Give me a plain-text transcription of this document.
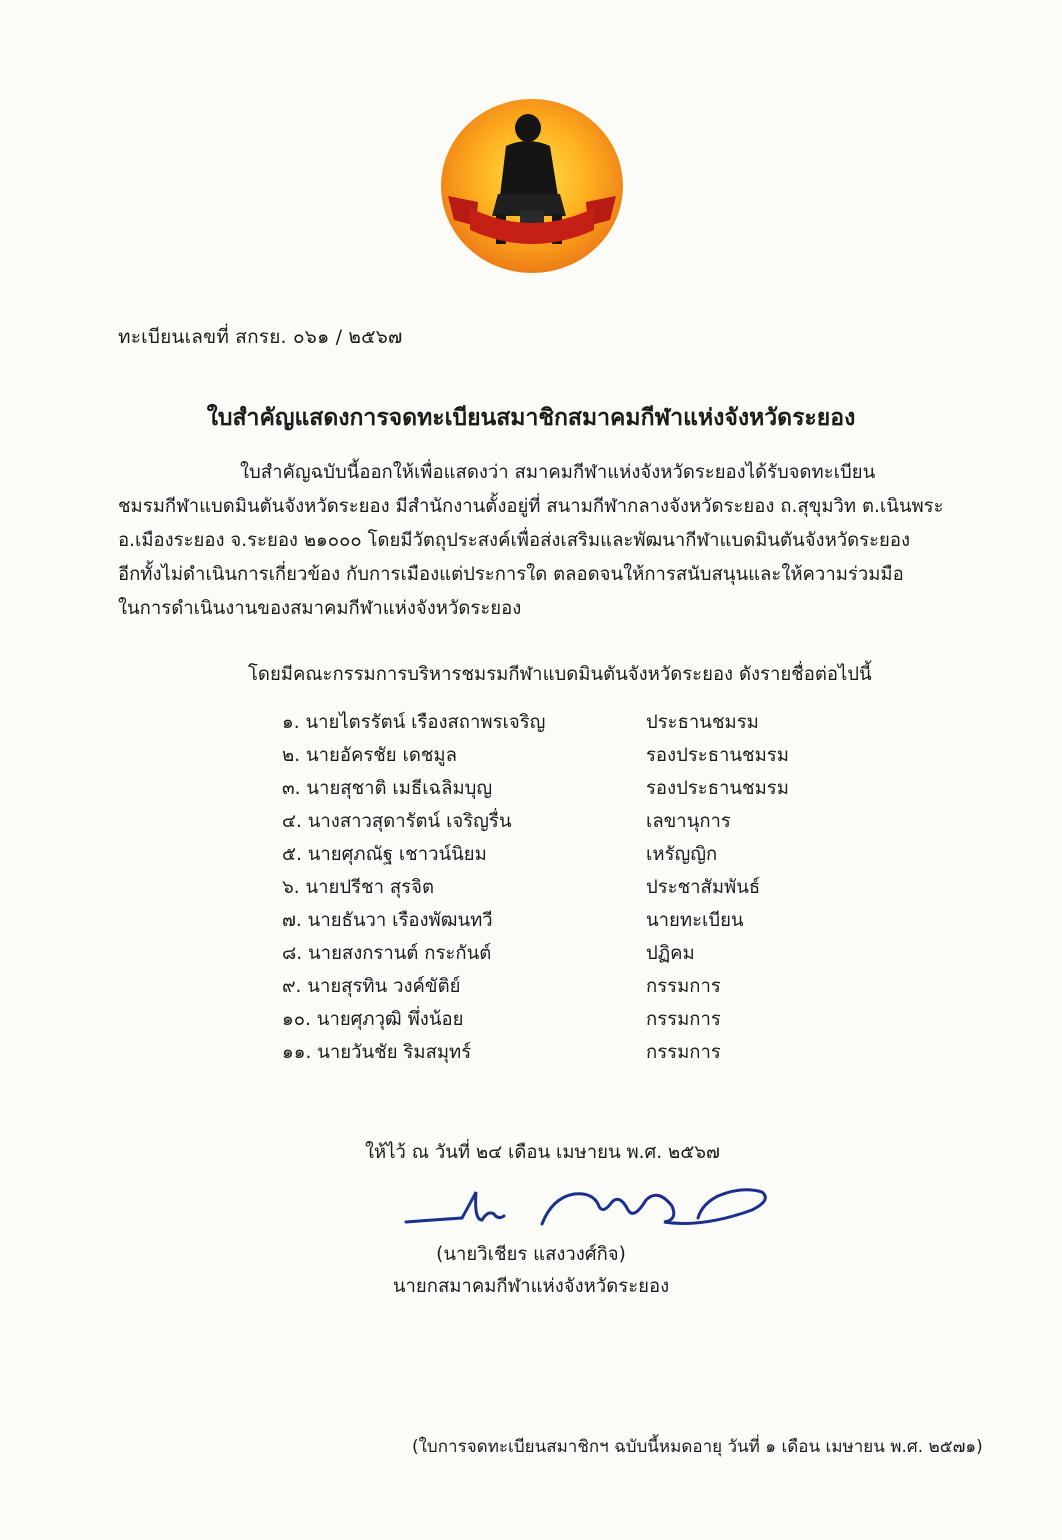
ทะเบียนเลขที่ สกรย. ๐๖๑ / ๒๕๖๗
ใบสำคัญแสดงการจดทะเบียนสมาชิกสมาคมกีฬาแห่งจังหวัดระยอง
ใบสำคัญฉบับนี้ออกให้เพื่อแสดงว่า สมาคมกีฬาแห่งจังหวัดระยองได้รับจดทะเบียน
ชมรมกีฬาแบดมินตันจังหวัดระยอง มีสำนักงานตั้งอยู่ที่ สนามกีฬากลางจังหวัดระยอง ถ.สุขุมวิท ต.เนินพระ
อ.เมืองระยอง จ.ระยอง ๒๑๐๐๐ โดยมีวัตถุประสงค์เพื่อส่งเสริมและพัฒนากีฬาแบดมินตันจังหวัดระยอง
อีกทั้งไม่ดำเนินการเกี่ยวข้อง กับการเมืองแต่ประการใด ตลอดจนให้การสนับสนุนและให้ความร่วมมือ
ในการดำเนินงานของสมาคมกีฬาแห่งจังหวัดระยอง
โดยมีคณะกรรมการบริหารชมรมกีฬาแบดมินตันจังหวัดระยอง ดังรายชื่อต่อไปนี้
๑. นายไตรรัตน์ เรืองสถาพรเจริญ	ประธานชมรม
๒. นายอัครชัย เดชมูล	รองประธานชมรม
๓. นายสุชาติ เมธีเฉลิมบุญ	รองประธานชมรม
๔. นางสาวสุดารัตน์ เจริญรื่น	เลขานุการ
๕. นายศุภณัฐ เชาวน์นิยม	เหรัญญิก
๖. นายปรีชา สุรจิต	ประชาสัมพันธ์
๗. นายธันวา เรืองพัฒนทวี	นายทะเบียน
๘. นายสงกรานต์ กระกันต์	ปฏิคม
๙. นายสุรทิน วงค์ขัติย์	กรรมการ
๑๐. นายศุภวุฒิ พึ่งน้อย	กรรมการ
๑๑. นายวันชัย ริมสมุทร์	กรรมการ
ให้ไว้ ณ วันที่ ๒๔ เดือน เมษายน พ.ศ. ๒๕๖๗
(นายวิเชียร แสงวงศ์กิจ)
นายกสมาคมกีฬาแห่งจังหวัดระยอง
(ใบการจดทะเบียนสมาชิกฯ ฉบับนี้หมดอายุ วันที่ ๑ เดือน เมษายน พ.ศ. ๒๕๗๑)
